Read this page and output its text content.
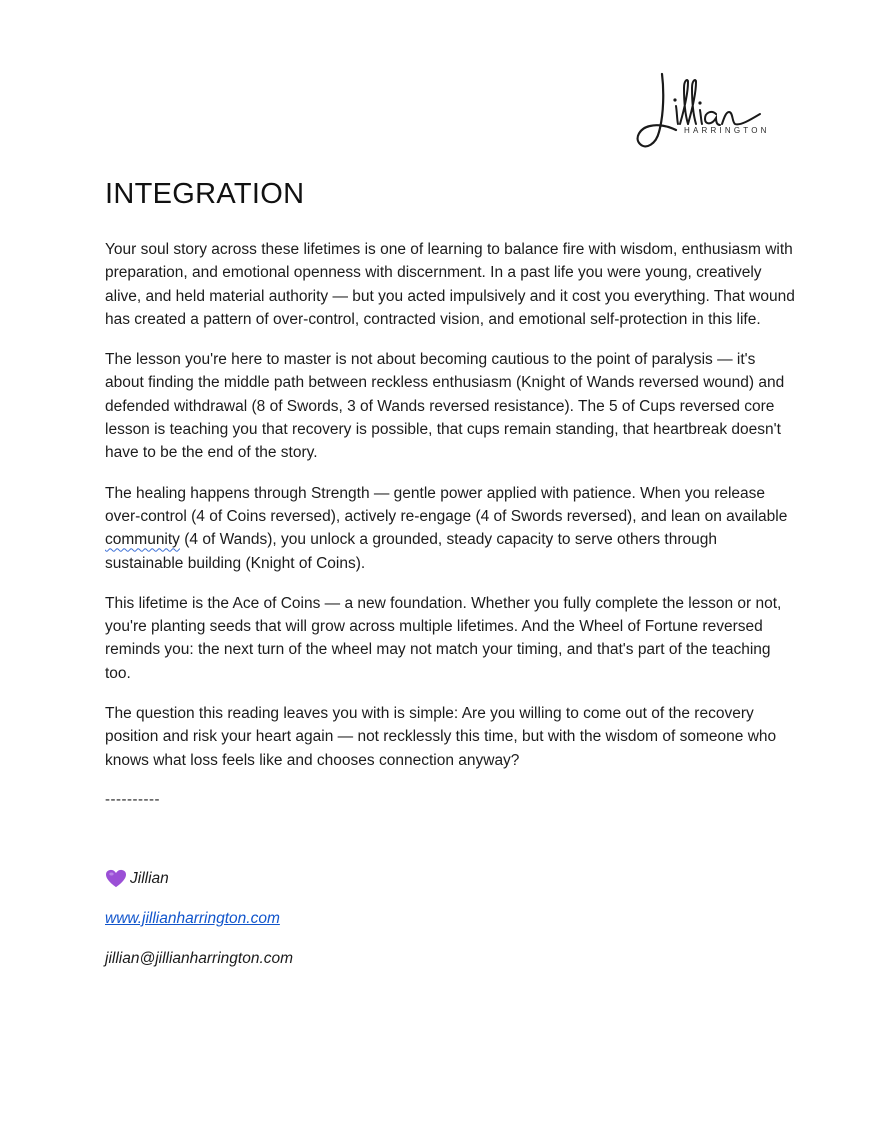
HARRINGTON
INTEGRATION

Your soul story across these lifetimes is one of learning to balance fire with wisdom, enthusiasm with preparation, and emotional openness with discernment. In a past life you were young, creatively alive, and held material authority — but you acted impulsively and it cost you everything. That wound has created a pattern of over-control, contracted vision, and emotional self-protection in this life.

The lesson you're here to master is not about becoming cautious to the point of paralysis — it's about finding the middle path between reckless enthusiasm (Knight of Wands reversed wound) and defended withdrawal (8 of Swords, 3 of Wands reversed resistance). The 5 of Cups reversed core lesson is teaching you that recovery is possible, that cups remain standing, that heartbreak doesn't have to be the end of the story.

The healing happens through Strength — gentle power applied with patience. When you release over-control (4 of Coins reversed), actively re-engage (4 of Swords reversed), and lean on available community (4 of Wands), you unlock a grounded, steady capacity to serve others through sustainable building (Knight of Coins).

This lifetime is the Ace of Coins — a new foundation. Whether you fully complete the lesson or not, you're planting seeds that will grow across multiple lifetimes. And the Wheel of Fortune reversed reminds you: the next turn of the wheel may not match your timing, and that's part of the teaching too.

The question this reading leaves you with is simple: Are you willing to come out of the recovery position and risk your heart again — not recklessly this time, but with the wisdom of someone who knows what loss feels like and chooses connection anyway?

----------
Jillian
www.jillianharrington.com
jillian@jillianharrington.com
